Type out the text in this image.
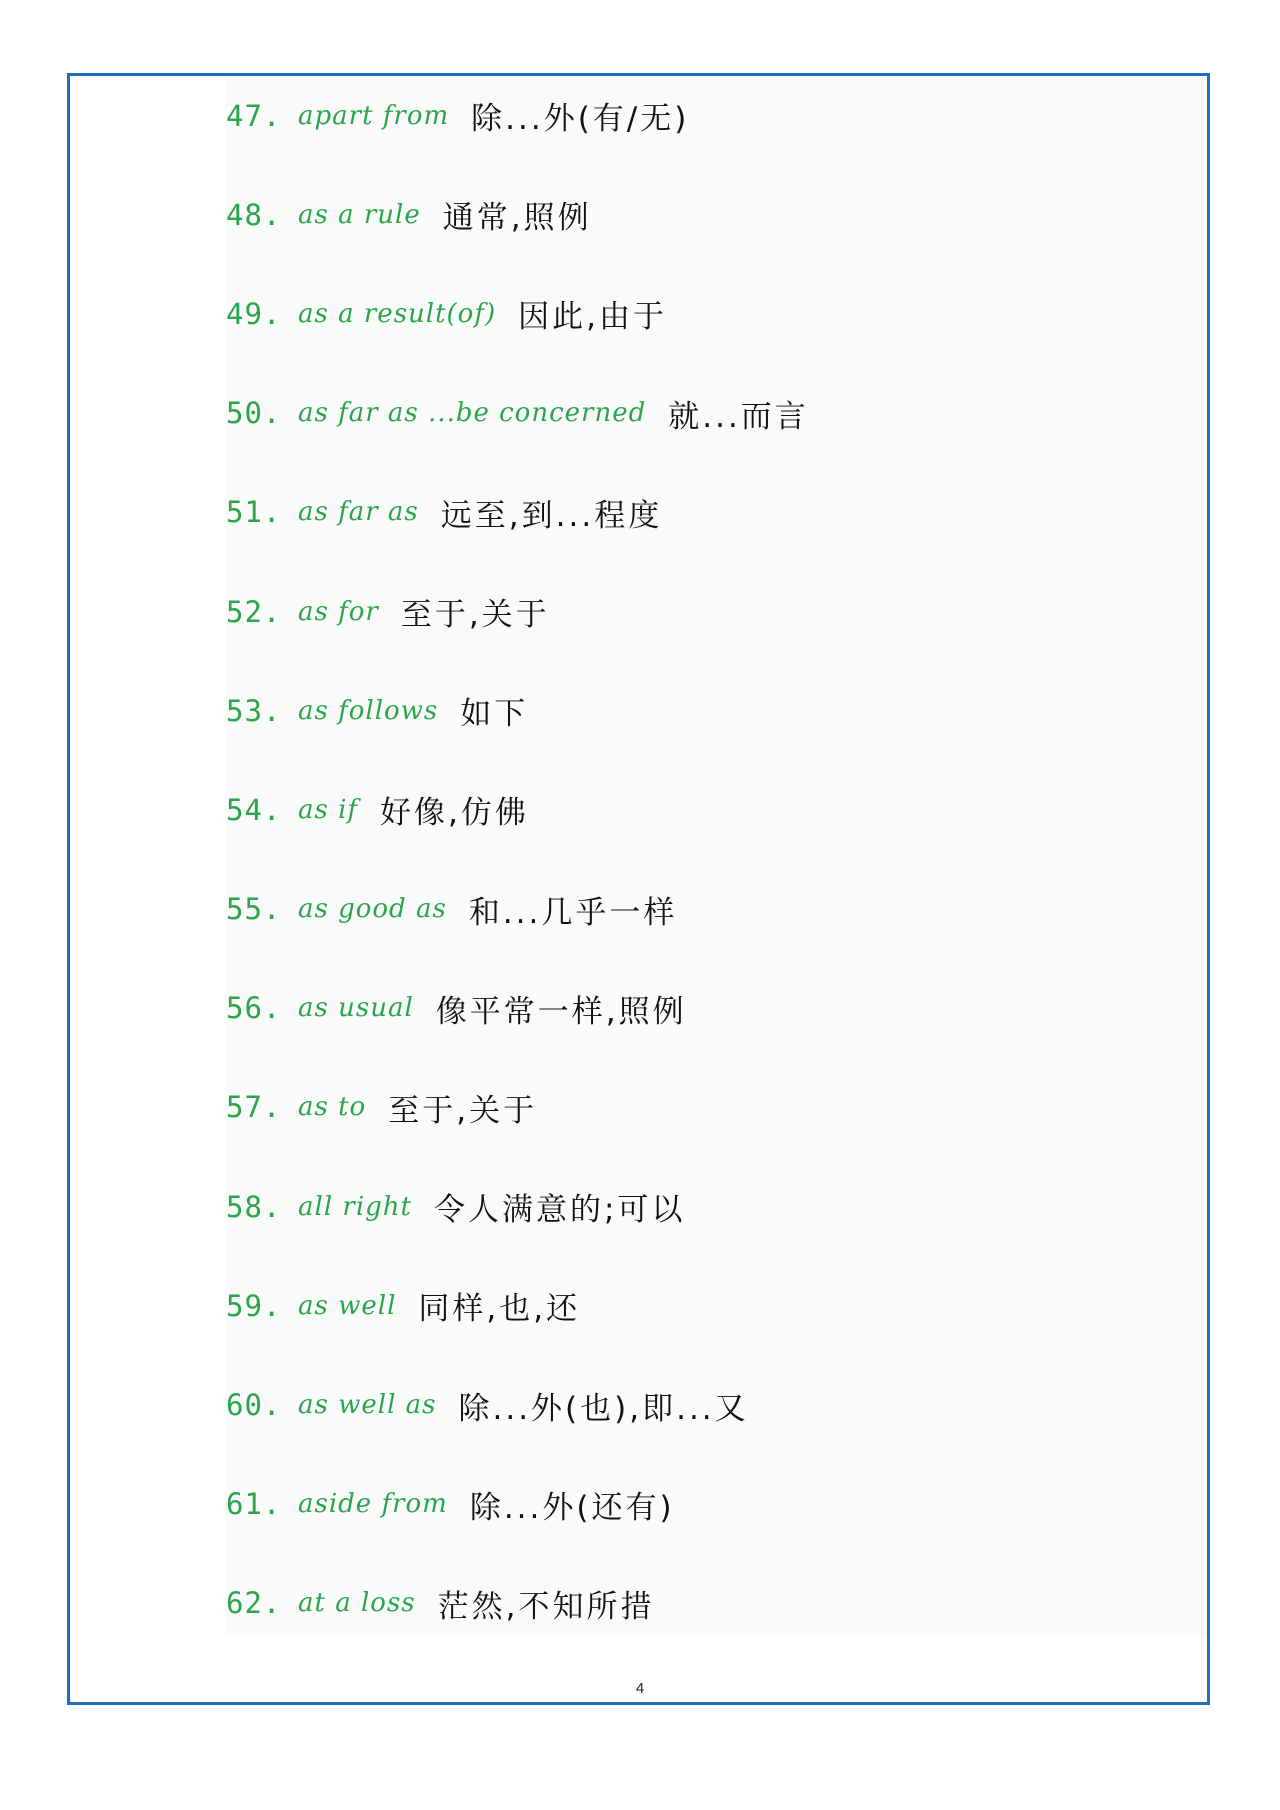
47. apart from 除...外(有/无)
48. as a rule 通常,照例
49. as a result(of) 因此,由于
50. as far as ...be concerned 就...而言
51. as far as 远至,到...程度
52. as for 至于,关于
53. as follows 如下
54. as if 好像,仿佛
55. as good as 和...几乎一样
56. as usual 像平常一样,照例
57. as to 至于,关于
58. all right 令人满意的;可以
59. as well 同样,也,还
60. as well as 除...外(也),即...又
61. aside from 除...外(还有)
62. at a loss 茫然,不知所措
4
